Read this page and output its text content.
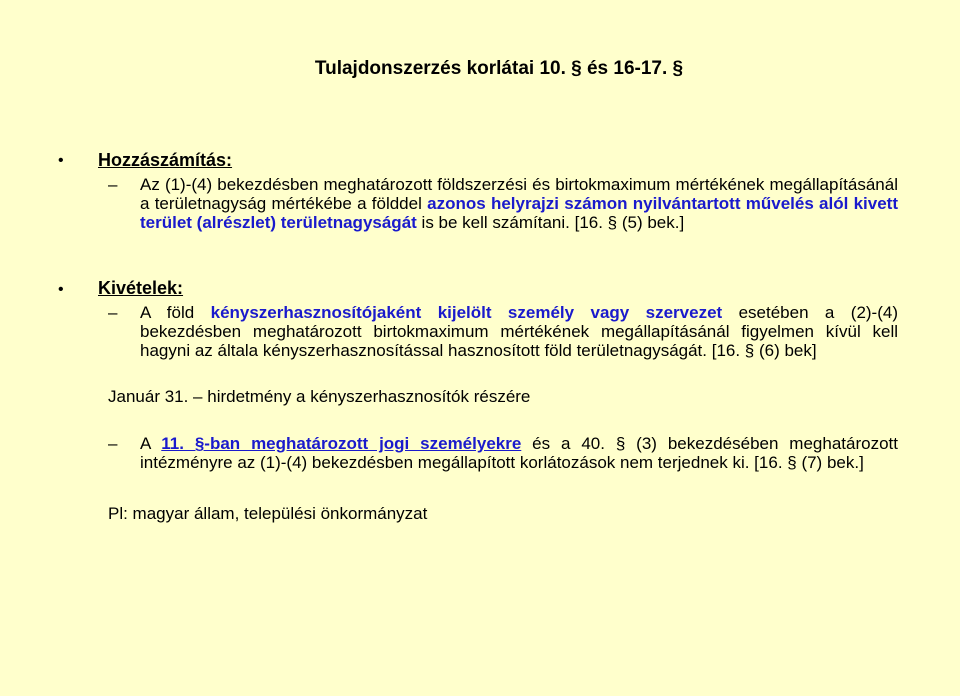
Tulajdonszerzés korlátai 10. § és 16-17. §
• Hozzászámítás:
– Az (1)-(4) bekezdésben meghatározott földszerzési és birtokmaximum mértékének megállapításánál a területnagyság mértékébe a földdel azonos helyrajzi számon nyilvántartott művelés alól kivett terület (alrészlet) területnagyságát is be kell számítani. [16. § (5) bek.]
• Kivételek:
– A föld kényszerhasznosítójaként kijelölt személy vagy szervezet esetében a (2)-(4) bekezdésben meghatározott birtokmaximum mértékének megállapításánál figyelmen kívül kell hagyni az általa kényszerhasznosítással hasznosított föld területnagyságát. [16. § (6) bek]
Január 31. – hirdetmény a kényszerhasznosítók részére
– A 11. §-ban meghatározott jogi személyekre és a 40. § (3) bekezdésében meghatározott intézményre az (1)-(4) bekezdésben megállapított korlátozások nem terjednek ki. [16. § (7) bek.]
Pl: magyar állam, települési önkormányzat
